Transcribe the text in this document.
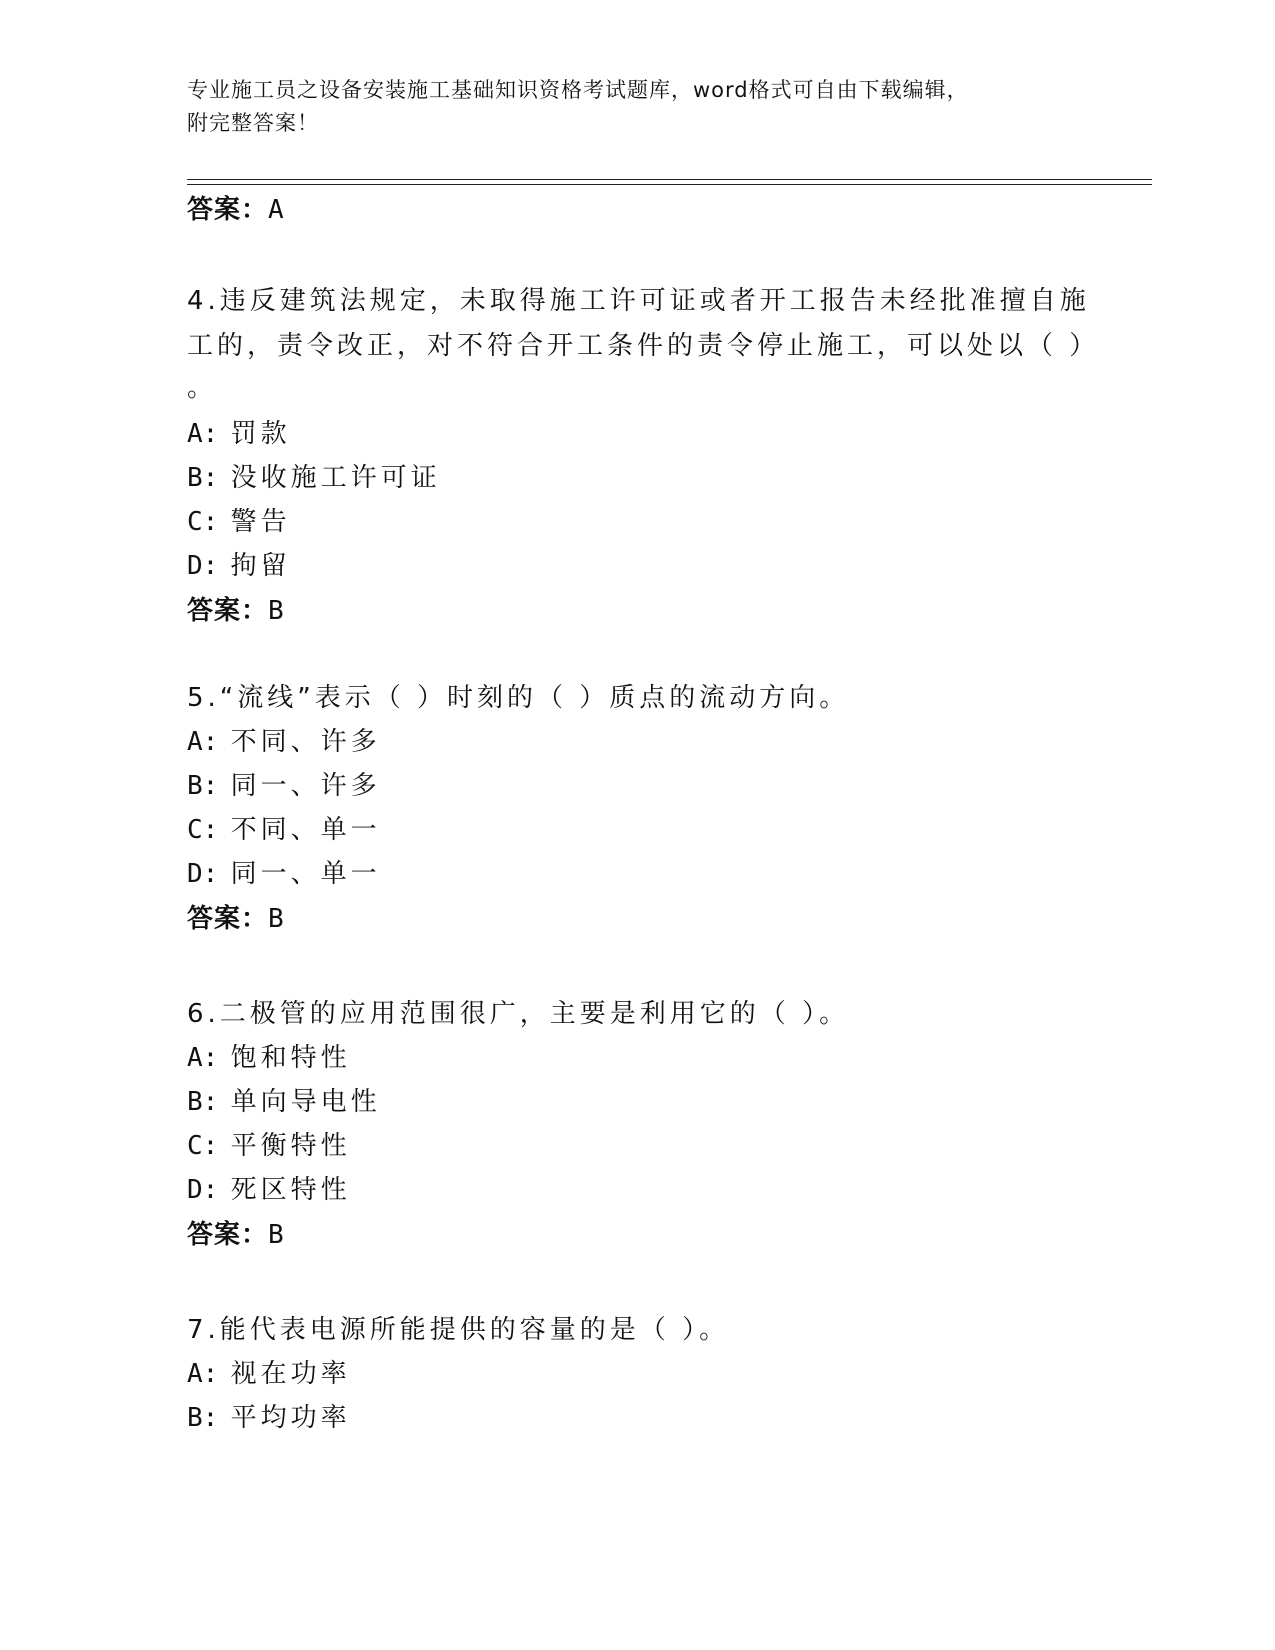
专业施工员之设备安装施工基础知识资格考试题库，word格式可自由下载编辑，
附完整答案！
答案：A
4.违反建筑法规定，未取得施工许可证或者开工报告未经批准擅自施
工的，责令改正，对不符合开工条件的责令停止施工，可以处以（ ）
。
A: 罚款
B: 没收施工许可证
C: 警告
D: 拘留
答案：B
5.“流线”表示（ ）时刻的（ ）质点的流动方向。
A: 不同、许多
B: 同一、许多
C: 不同、单一
D: 同一、单一
答案：B
6.二极管的应用范围很广，主要是利用它的（ ）。
A: 饱和特性
B: 单向导电性
C: 平衡特性
D: 死区特性
答案：B
7.能代表电源所能提供的容量的是（ ）。
A: 视在功率
B: 平均功率
